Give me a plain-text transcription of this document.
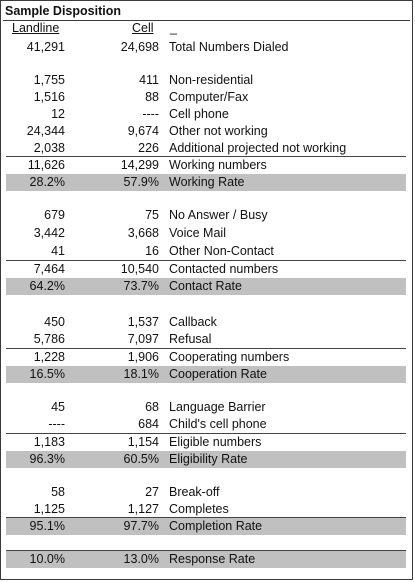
Sample Disposition
Landline	Cell _
41,291	24,698 Total Numbers Dialed
1,755	411 Non-residential
1,516	88 Computer/Fax
12	---- Cell phone
24,344	9,674 Other not working
2,038	226 Additional projected not working
11,626	14,299 Working numbers
28.2%	57.9% Working Rate
679	75 No Answer / Busy
3,442	3,668 Voice Mail
41	16 Other Non-Contact
7,464	10,540 Contacted numbers
64.2%	73.7% Contact Rate
450	1,537 Callback
5,786	7,097 Refusal
1,228	1,906 Cooperating numbers
16.5%	18.1% Cooperation Rate
45	68 Language Barrier
----	684 Child's cell phone
1,183	1,154 Eligible numbers
96.3%	60.5% Eligibility Rate
58	27 Break-off
1,125	1,127 Completes
95.1%	97.7% Completion Rate
10.0%	13.0% Response Rate
